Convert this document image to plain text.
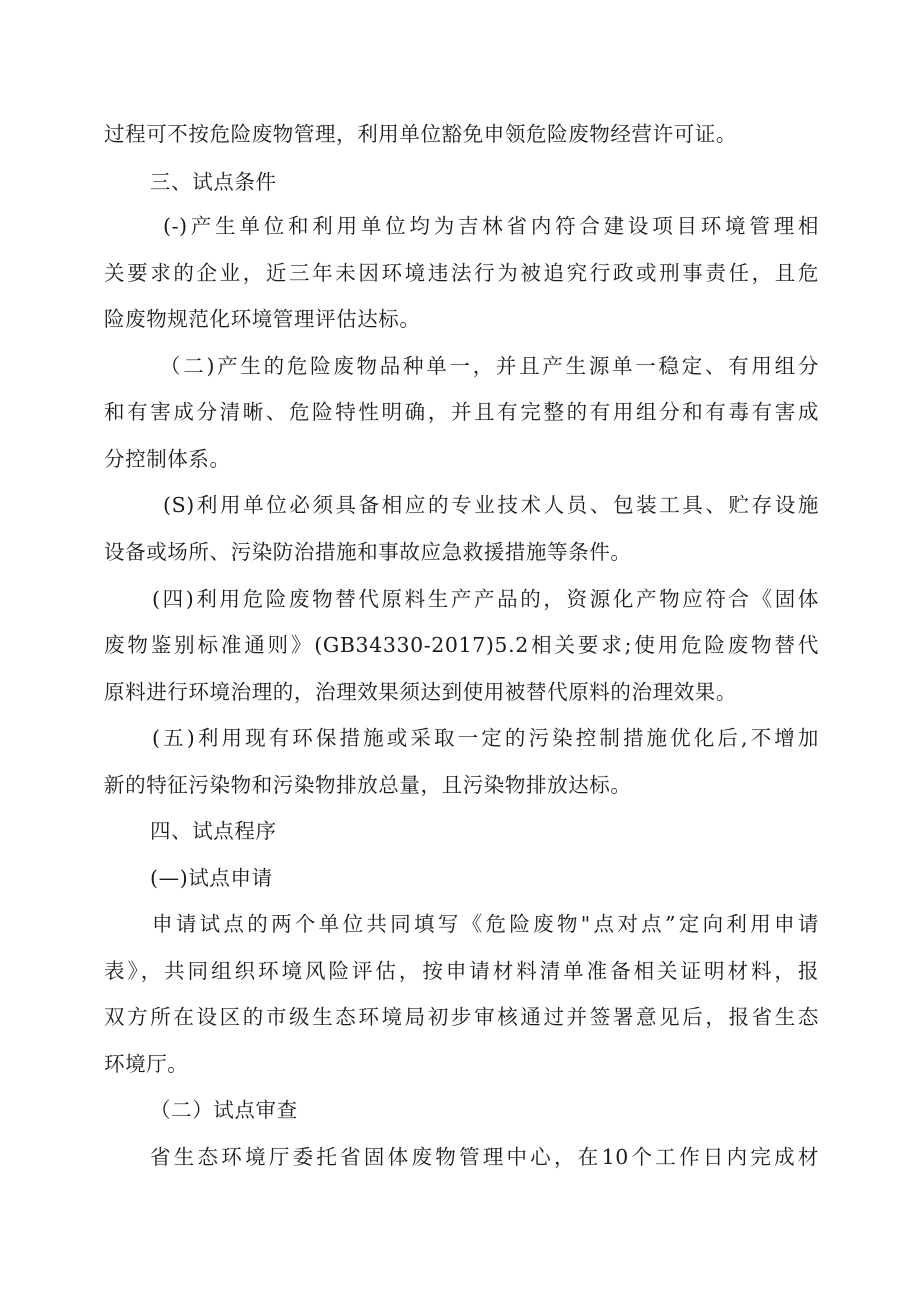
过程可不按危险废物管理，利用单位豁免申领危险废物经营许可证。
三、试点条件
(-)产生单位和利用单位均为吉林省内符合建设项目环境管理相
关要求的企业，近三年未因环境违法行为被追究行政或刑事责任，且危
险废物规范化环境管理评估达标。
（二)产生的危险废物品种单一，并且产生源单一稳定、有用组分
和有害成分清晰、危险特性明确，并且有完整的有用组分和有毒有害成
分控制体系。
(S)利用单位必须具备相应的专业技术人员、包装工具、贮存设施
设备或场所、污染防治措施和事故应急救援措施等条件。
(四)利用危险废物替代原料生产产品的，资源化产物应符合《固体
废物鉴别标准通则》(GB34330-2017)5.2相关要求;使用危险废物替代
原料进行环境治理的，治理效果须达到使用被替代原料的治理效果。
(五)利用现有环保措施或采取一定的污染控制措施优化后,不增加
新的特征污染物和污染物排放总量，且污染物排放达标。
四、试点程序
(—)试点申请
申请试点的两个单位共同填写《危险废物"点对点”定向利用申请
表》，共同组织环境风险评估，按申请材料清单准备相关证明材料，报
双方所在设区的市级生态环境局初步审核通过并签署意见后，报省生态
环境厅。
（二）试点审查
省生态环境厅委托省固体废物管理中心，在10个工作日内完成材
